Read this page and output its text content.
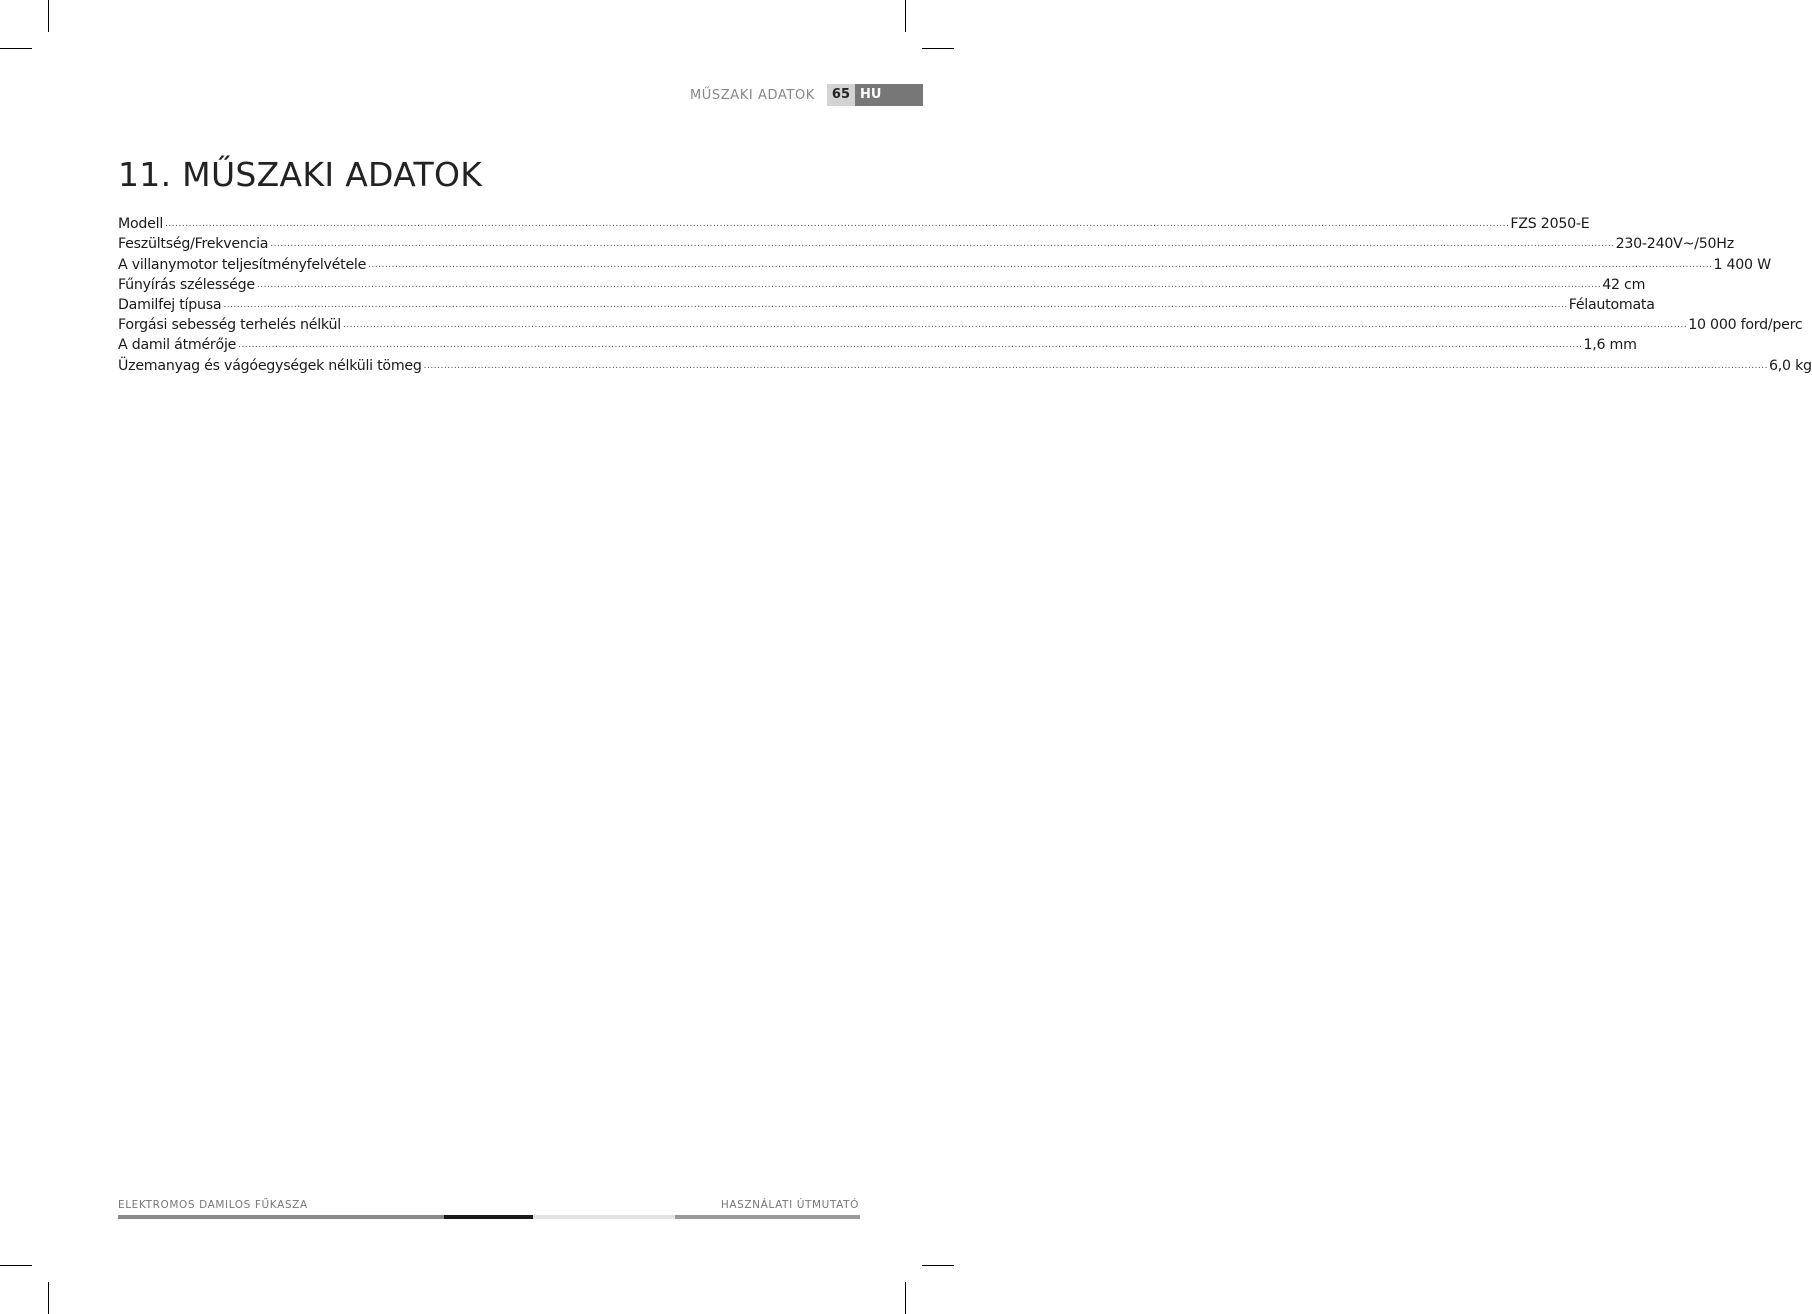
MŰSZAKI ADATOK	65 HU
11. MŰSZAKI ADATOK
Modell ................................................................................................................................................................................................................................................................................................................................................................................................................ FZS 2050-E
Feszültség/Frekvencia ................................................................................................................................................................................................................................................................................................................................................................................................................ 230-240V~/50Hz
A villanymotor teljesítményfelvétele ................................................................................................................................................................................................................................................................................................................................................................................................................ 1 400 W
Fűnyírás szélessége ................................................................................................................................................................................................................................................................................................................................................................................................................ 42 cm
Damilfej típusa ................................................................................................................................................................................................................................................................................................................................................................................................................ Félautomata
Forgási sebesség terhelés nélkül ................................................................................................................................................................................................................................................................................................................................................................................................................ 10 000 ford/perc
A damil átmérője ................................................................................................................................................................................................................................................................................................................................................................................................................ 1,6 mm
Üzemanyag és vágóegységek nélküli tömeg ................................................................................................................................................................................................................................................................................................................................................................................................................ 6,0 kg
ELEKTROMOS DAMILOS FŰKASZA	HASZNÁLATI ÚTMUTATÓ
